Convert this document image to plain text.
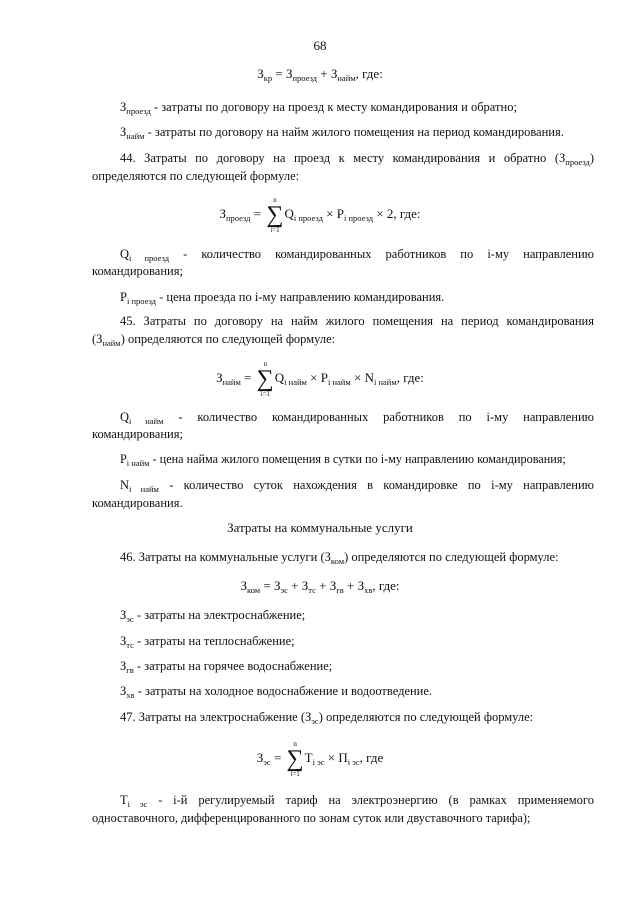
68
$З_{кр} = З_{проезд} + З_{найм}$, где:
$З_{проезд}$ - затраты по договору на проезд к месту командирования и обратно;
$З_{найм}$ - затраты по договору на найм жилого помещения на период командирования.
44. Затраты по договору на проезд к месту командирования и обратно $(З_{проезд})$
определяются по следующей формуле:
$З_{проезд}$ =
n
∑
i=1
$Q_{i проезд} \times P_{i проезд} \times 2$, где:
$Q_{i проезд}$ - количество командированных работников по i-му направлению
командирования;
$P_{i проезд}$ - цена проезда по i-му направлению командирования.
45. Затраты по договору на найм жилого помещения на период командирования
$(З_{найм})$ определяются по следующей формуле:
$З_{найм}$ =
n
∑
i=1
$Q_{i найм} \times P_{i найм} \times N_{i найм}$, где:
$Q_{i найм}$ - количество командированных работников по i-му направлению
командирования;
$P_{i найм}$ - цена найма жилого помещения в сутки по i-му направлению командирования;
$N_{i найм}$ - количество суток нахождения в командировке по i-му направлению
командирования.
Затраты на коммунальные услуги
46. Затраты на коммунальные услуги $(З_{ком})$ определяются по следующей формуле:
$З_{ком} = З_{эс} + З_{тс} + З_{гв} + З_{хв}$, где:
$З_{эс}$ - затраты на электроснабжение;
$З_{тс}$ - затраты на теплоснабжение;
$З_{гв}$ - затраты на горячее водоснабжение;
$З_{хв}$ - затраты на холодное водоснабжение и водоотведение.
47. Затраты на электроснабжение $(З_{эс})$ определяются по следующей формуле:
$З_{эс}$ =
n
∑
i=1
$Т_{i эс} \times П_{i эс}$, где
$Т_{i эс} - i-й$ регулируемый тариф на электроэнергию (в рамках применяемого
одноставочного, дифференцированного по зонам суток или двуставочного тарифа);
